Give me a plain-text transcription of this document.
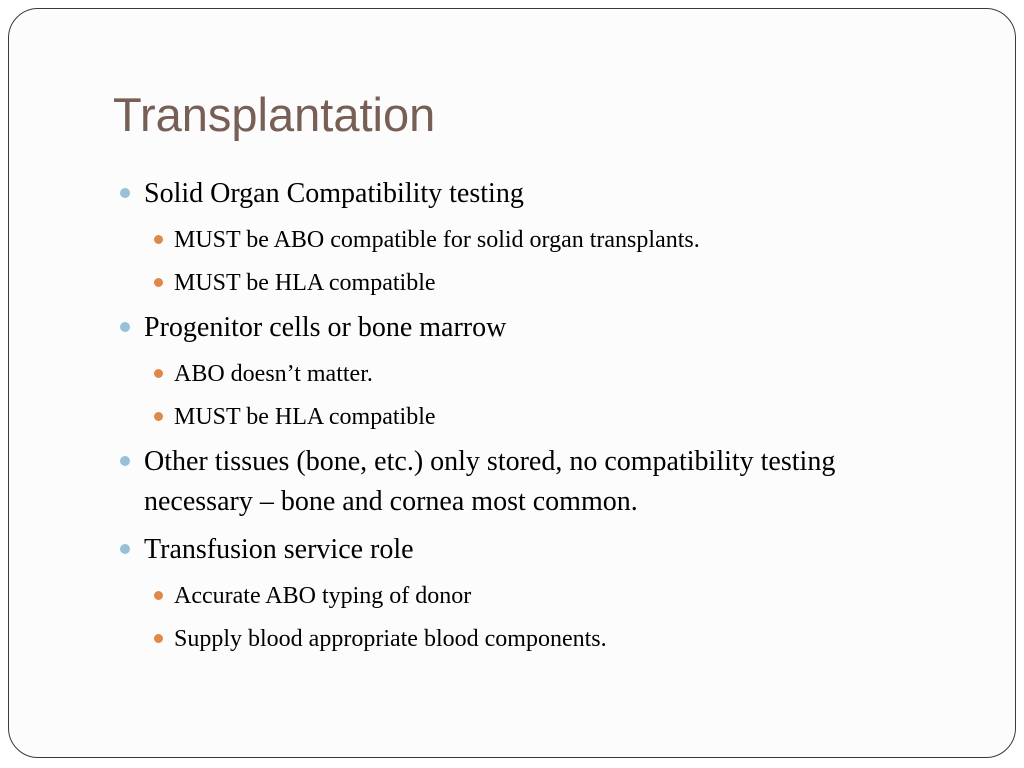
Transplantation
Solid Organ Compatibility testing
MUST be ABO compatible for solid organ transplants.
MUST be HLA compatible
Progenitor cells or bone marrow
ABO doesn’t matter.
MUST be HLA compatible
Other tissues (bone, etc.) only stored, no compatibility testing necessary – bone and cornea most common.
Transfusion service role
Accurate ABO typing of donor
Supply blood appropriate blood components.
